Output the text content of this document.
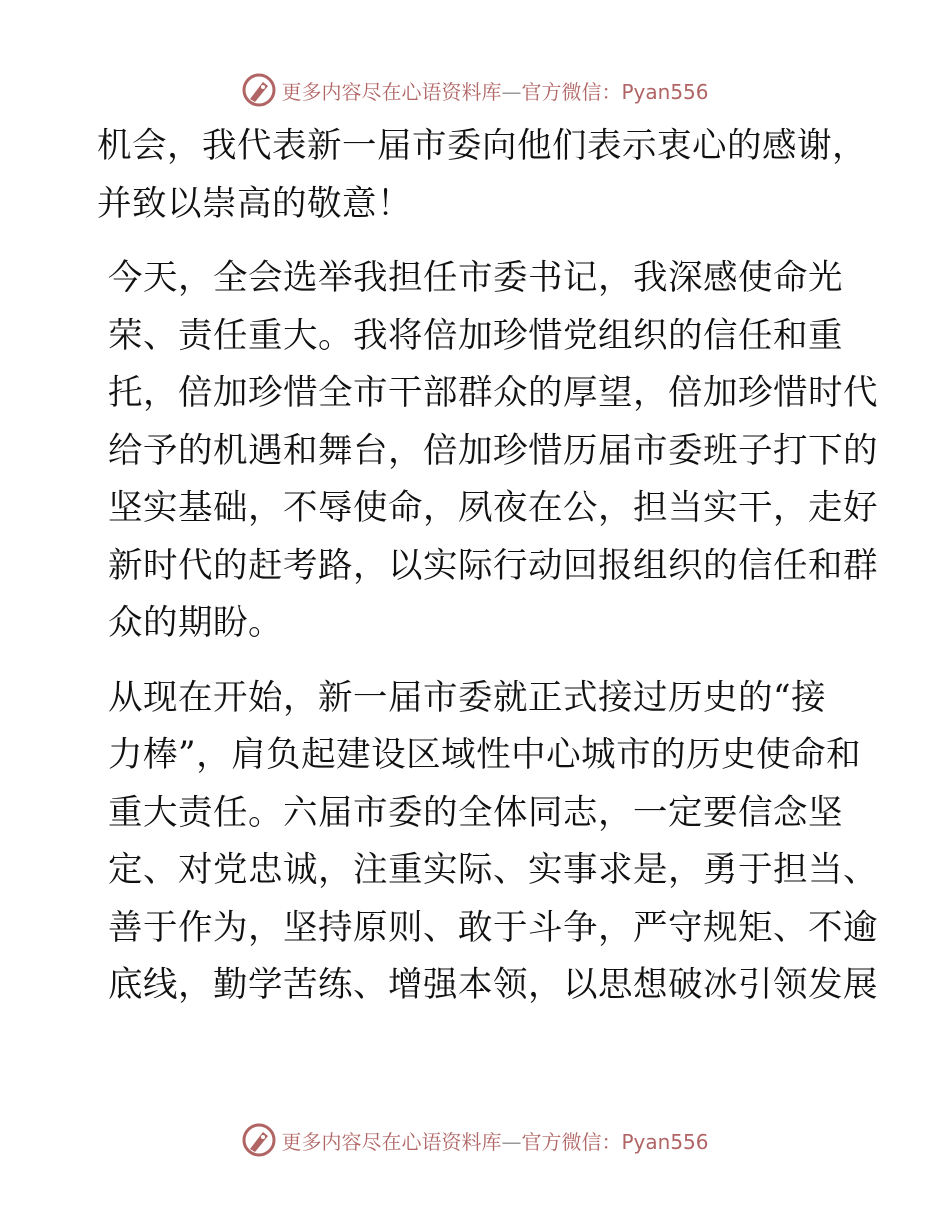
更多内容尽在心语资料库—官方微信：Pyan556
机会，我代表新一届市委向他们表示衷心的感谢，
并致以崇高的敬意！
今天，全会选举我担任市委书记，我深感使命光
荣、责任重大。我将倍加珍惜党组织的信任和重
托，倍加珍惜全市干部群众的厚望，倍加珍惜时代
给予的机遇和舞台，倍加珍惜历届市委班子打下的
坚实基础，不辱使命，夙夜在公，担当实干，走好
新时代的赶考路，以实际行动回报组织的信任和群
众的期盼。
从现在开始，新一届市委就正式接过历史的“接
力棒”，肩负起建设区域性中心城市的历史使命和
重大责任。六届市委的全体同志，一定要信念坚
定、对党忠诚，注重实际、实事求是，勇于担当、
善于作为，坚持原则、敢于斗争，严守规矩、不逾
底线，勤学苦练、增强本领，以思想破冰引领发展
更多内容尽在心语资料库—官方微信：Pyan556
